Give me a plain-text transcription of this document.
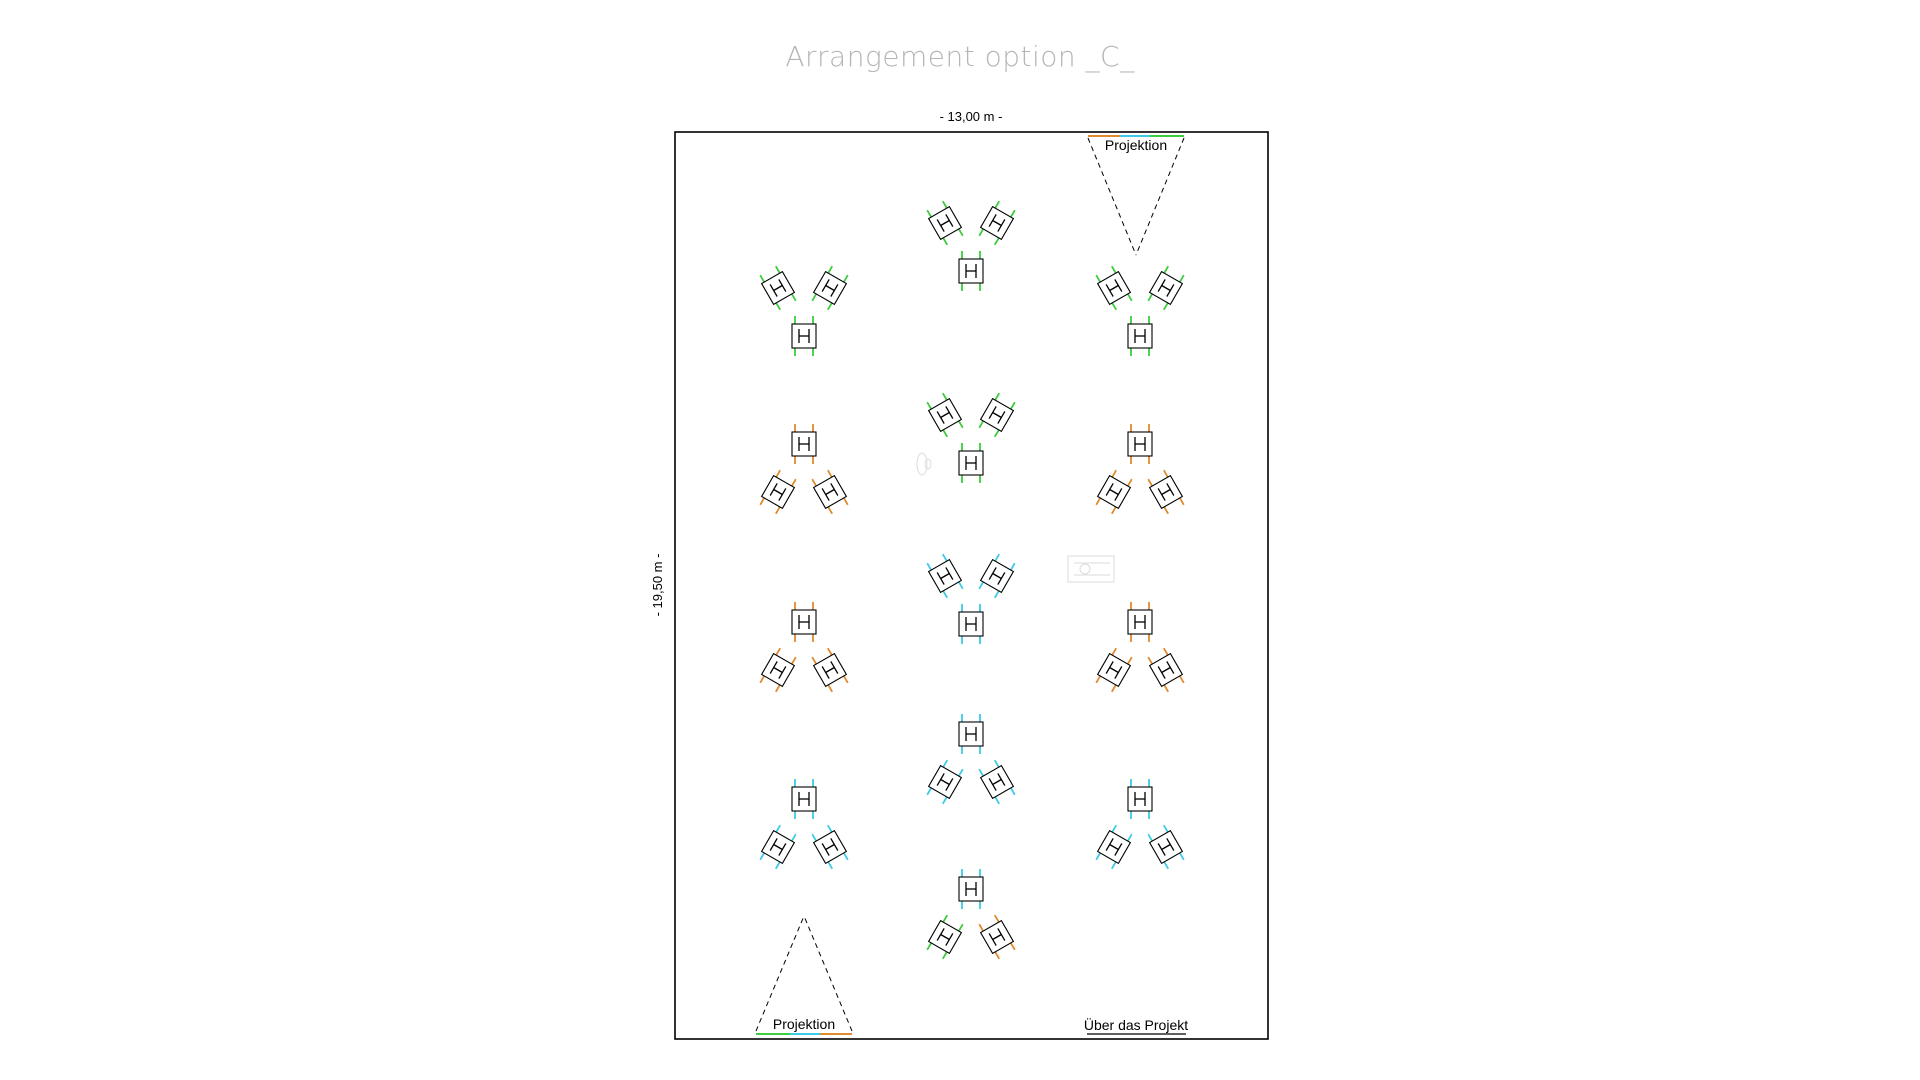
Arrangement option _C_
- 13,00 m -
- 19,50 m -
Projektion
Projektion	Über das Projekt
